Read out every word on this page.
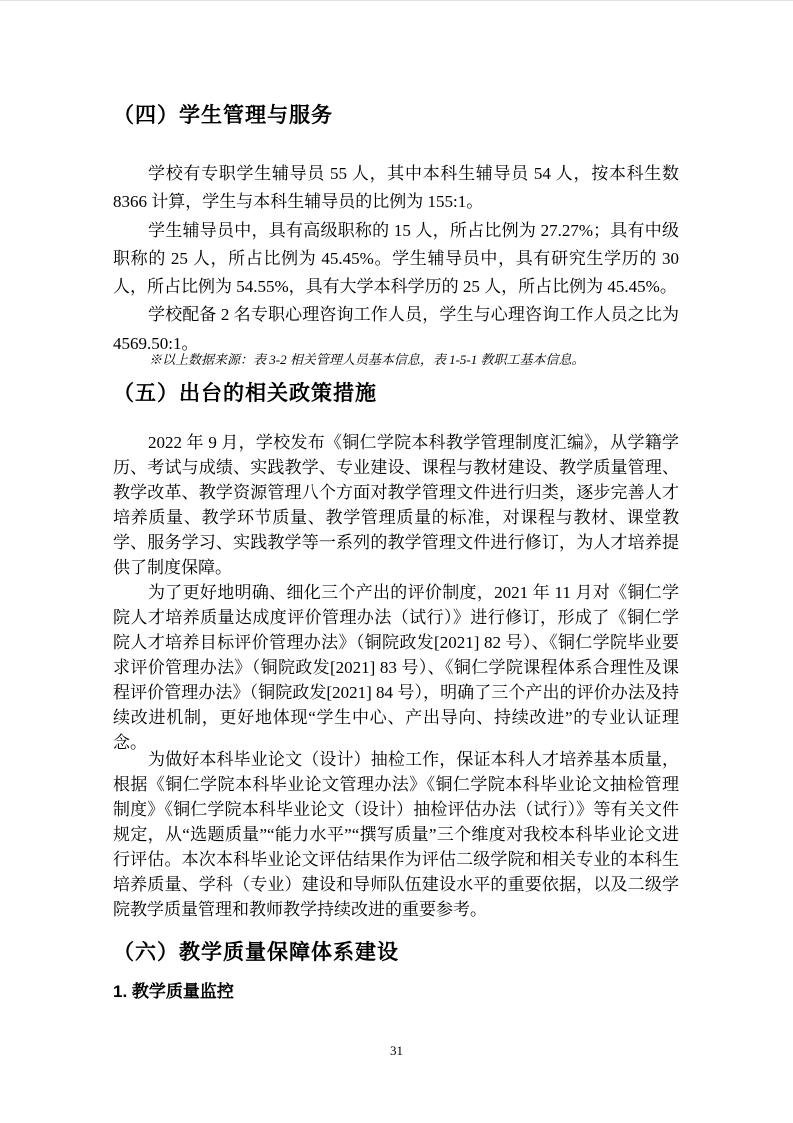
（四）学生管理与服务

学校有专职学生辅导员 55 人，其中本科生辅导员 54 人，按本科生数 8366 计算，学生与本科生辅导员的比例为 155:1。

学生辅导员中，具有高级职称的 15 人，所占比例为 27.27%；具有中级职称的 25 人，所占比例为 45.45%。学生辅导员中，具有研究生学历的 30 人，所占比例为 54.55%，具有大学本科学历的 25 人，所占比例为 45.45%。

学校配备 2 名专职心理咨询工作人员，学生与心理咨询工作人员之比为 4569.50:1。

※以上数据来源：表 3-2 相关管理人员基本信息，表 1-5-1 教职工基本信息。
（五）出台的相关政策措施
2022 年 9 月，学校发布《铜仁学院本科教学管理制度汇编》，从学籍学历、考试与成绩、实践教学、专业建设、课程与教材建设、教学质量管理、教学改革、教学资源管理八个方面对教学管理文件进行归类，逐步完善人才培养质量、教学环节质量、教学管理质量的标准，对课程与教材、课堂教学、服务学习、实践教学等一系列的教学管理文件进行修订，为人才培养提供了制度保障。
为了更好地明确、细化三个产出的评价制度，2021 年 11 月对《铜仁学院人才培养质量达成度评价管理办法（试行）》进行修订，形成了《铜仁学院人才培养目标评价管理办法》（铜院政发[2021] 82 号）、《铜仁学院毕业要求评价管理办法》（铜院政发[2021] 83 号）、《铜仁学院课程体系合理性及课程评价管理办法》（铜院政发[2021] 84 号），明确了三个产出的评价办法及持续改进机制，更好地体现“学生中心、产出导向、持续改进”的专业认证理念。
为做好本科毕业论文（设计）抽检工作，保证本科人才培养基本质量，根据《铜仁学院本科毕业论文管理办法》《铜仁学院本科毕业论文抽检管理制度》《铜仁学院本科毕业论文（设计）抽检评估办法（试行）》等有关文件规定，从“选题质量”“能力水平”“撰写质量”三个维度对我校本科毕业论文进行评估。本次本科毕业论文评估结果作为评估二级学院和相关专业的本科生培养质量、学科（专业）建设和导师队伍建设水平的重要依据，以及二级学院教学质量管理和教师教学持续改进的重要参考。
（六）教学质量保障体系建设
1. 教学质量监控
31
